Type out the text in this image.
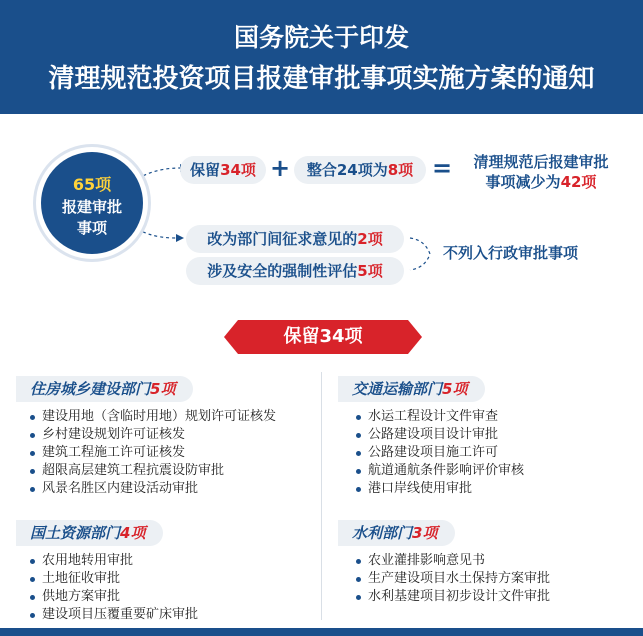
国务院关于印发
清理规范投资项目报建审批事项实施方案的通知
65项
报建审批
事项
保留34项 +	整合24项为8项 =	清理规范后报建审批
事项减少为42项
改为部门间征求意见的2项
涉及安全的强制性评估5项
不列入行政审批事项
保留34项
住房城乡建设部门5项
建设用地（含临时用地）规划许可证核发
乡村建设规划许可证核发
建筑工程施工许可证核发
超限高层建筑工程抗震设防审批
风景名胜区内建设活动审批
国土资源部门4项
农用地转用审批
土地征收审批
供地方案审批
建设项目压覆重要矿床审批
交通运输部门5项
水运工程设计文件审查
公路建设项目设计审批
公路建设项目施工许可
航道通航条件影响评价审核
港口岸线使用审批
水利部门3项
农业灌排影响意见书
生产建设项目水土保持方案审批
水利基建项目初步设计文件审批
